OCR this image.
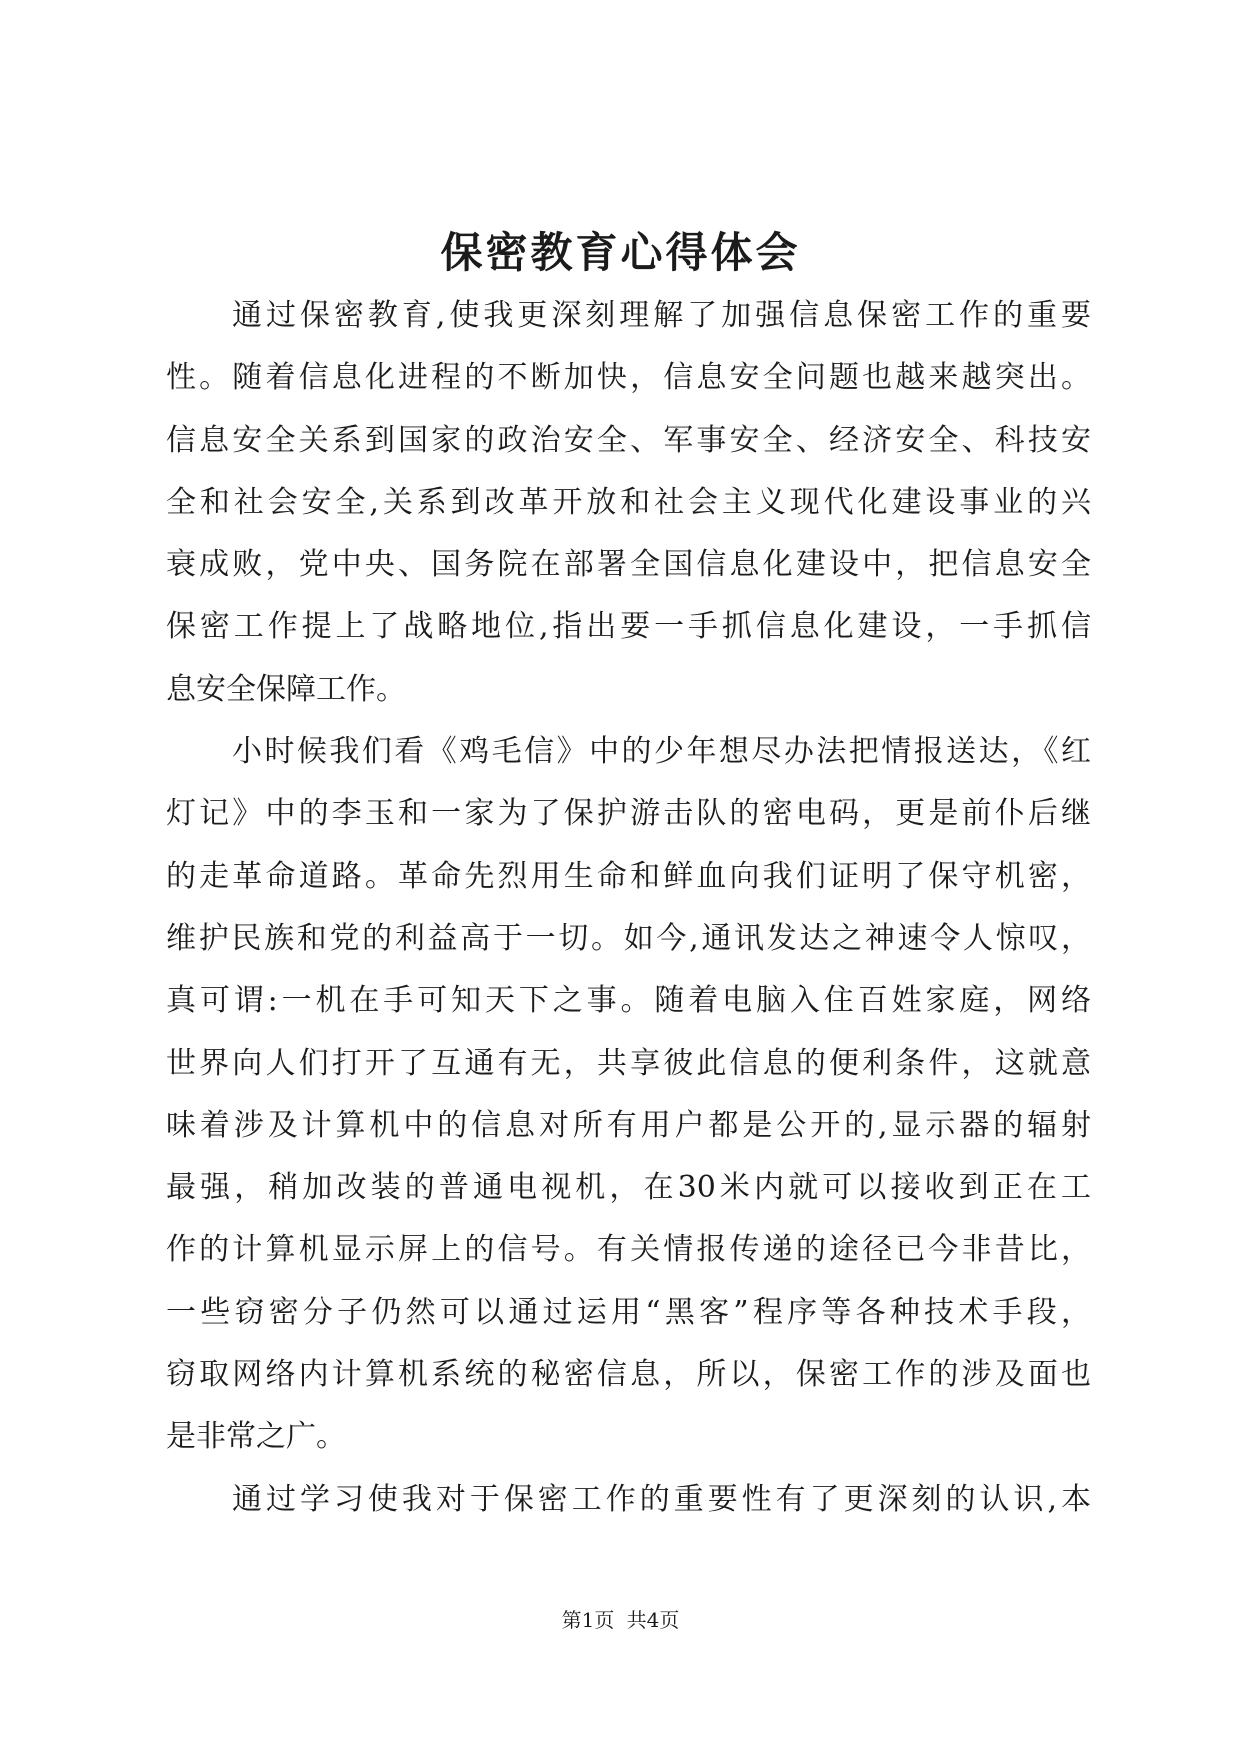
保密教育心得体会
通过保密教育,使我更深刻理解了加强信息保密工作的重要
性。随着信息化进程的不断加快，信息安全问题也越来越突出。
信息安全关系到国家的政治安全、军事安全、经济安全、科技安
全和社会安全,关系到改革开放和社会主义现代化建设事业的兴
衰成败，党中央、国务院在部署全国信息化建设中，把信息安全
保密工作提上了战略地位,指出要一手抓信息化建设，一手抓信
息安全保障工作。
小时候我们看《鸡毛信》中的少年想尽办法把情报送达，《红
灯记》中的李玉和一家为了保护游击队的密电码，更是前仆后继
的走革命道路。革命先烈用生命和鲜血向我们证明了保守机密，
维护民族和党的利益高于一切。如今,通讯发达之神速令人惊叹，
真可谓:一机在手可知天下之事。随着电脑入住百姓家庭，网络
世界向人们打开了互通有无，共享彼此信息的便利条件，这就意
味着涉及计算机中的信息对所有用户都是公开的,显示器的辐射
最强，稍加改装的普通电视机，在30米内就可以接收到正在工
作的计算机显示屏上的信号。有关情报传递的途径已今非昔比，
一些窃密分子仍然可以通过运用“黑客”程序等各种技术手段，
窃取网络内计算机系统的秘密信息，所以，保密工作的涉及面也
是非常之广。
通过学习使我对于保密工作的重要性有了更深刻的认识,本
第1页 共4页
